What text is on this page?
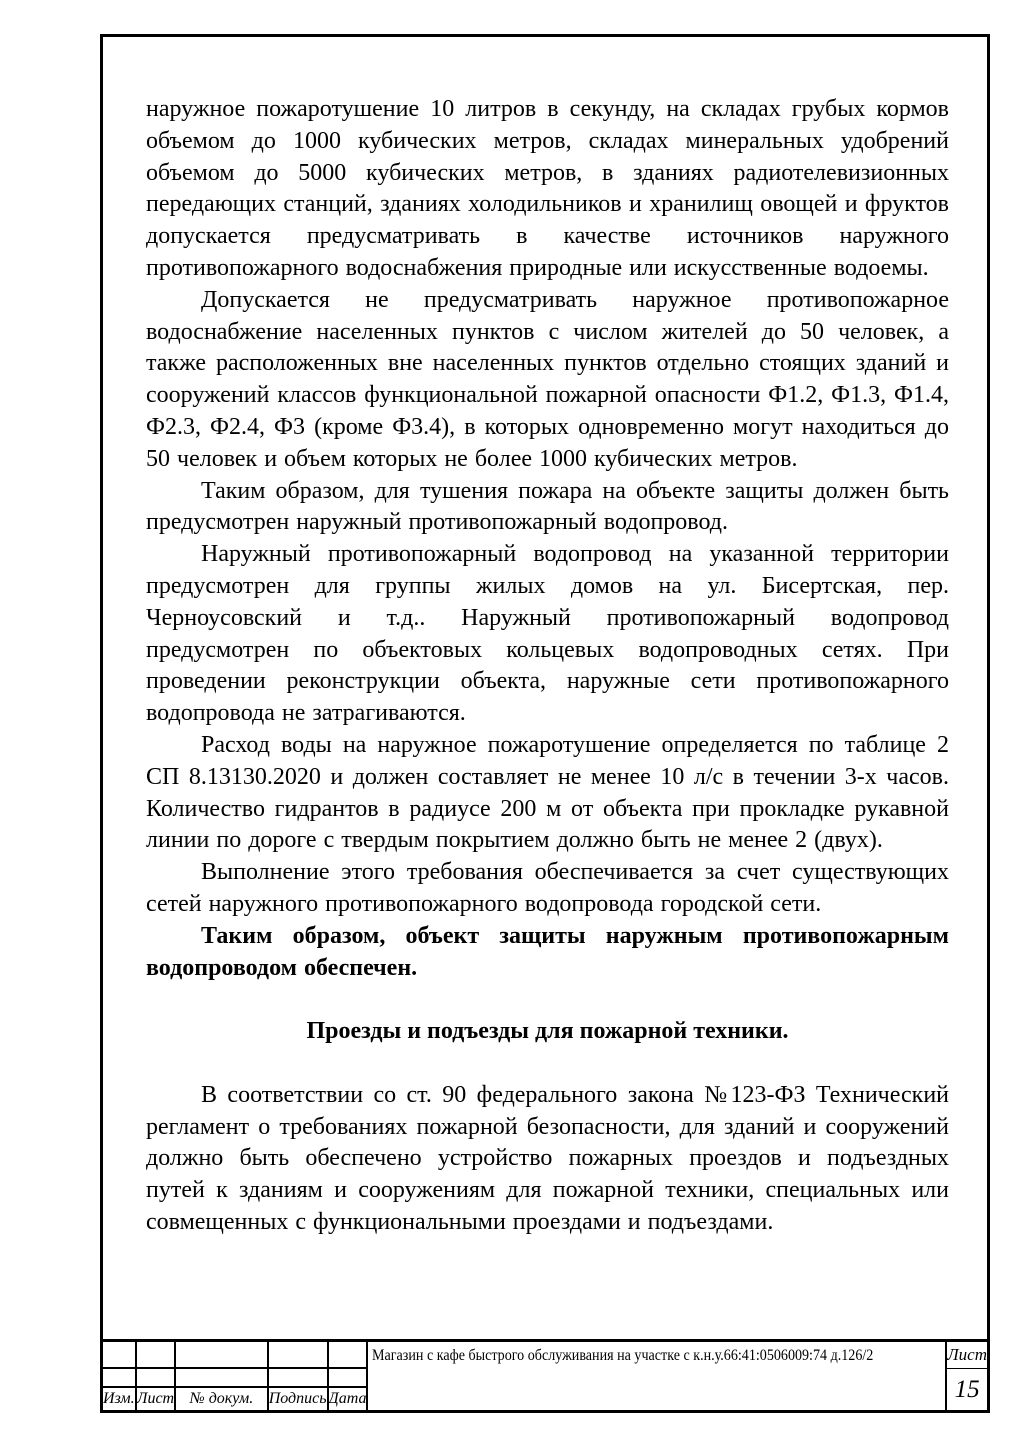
наружное пожаротушение 10 литров в секунду, на складах грубых кормов объемом до 1000 кубических метров, складах минеральных удобрений объемом до 5000 кубических метров, в зданиях радиотелевизионных передающих станций, зданиях холодильников и хранилищ овощей и фруктов допускается предусматривать в качестве источников наружного противопожарного водоснабжения природные или искусственные водоемы.

Допускается не предусматривать наружное противопожарное водоснабжение населенных пунктов с числом жителей до 50 человек, а также расположенных вне населенных пунктов отдельно стоящих зданий и сооружений классов функциональной пожарной опасности Ф1.2, Ф1.3, Ф1.4, Ф2.3, Ф2.4, Ф3 (кроме Ф3.4), в которых одновременно могут находиться до 50 человек и объем которых не более 1000 кубических метров.

Таким образом, для тушения пожара на объекте защиты должен быть предусмотрен наружный противопожарный водопровод.

Наружный противопожарный водопровод на указанной территории предусмотрен для группы жилых домов на ул. Бисертская, пер. Черноусовский и т.д.. Наружный противопожарный водопровод предусмотрен по объектовых кольцевых водопроводных сетях. При проведении реконструкции объекта, наружные сети противопожарного водопровода не затрагиваются.

Расход воды на наружное пожаротушение определяется по таблице 2 СП 8.13130.2020 и должен составляет не менее 10 л/с в течении 3-х часов. Количество гидрантов в радиусе 200 м от объекта при прокладке рукавной линии по дороге с твердым покрытием должно быть не менее 2 (двух).

Выполнение этого требования обеспечивается за счет существующих сетей наружного противопожарного водопровода городской сети.

Таким образом, объект защиты наружным противопожарным водопроводом обеспечен.

Проезды и подъезды для пожарной техники.

В соответствии со ст. 90 федерального закона №123-ФЗ Технический регламент о требованиях пожарной безопасности, для зданий и сооружений должно быть обеспечено устройство пожарных проездов и подъездных путей к зданиям и сооружениям для пожарной техники, специальных или совмещенных с функциональными проездами и подъездами.

Изм. Лист № докум. Подпись Дата
Магазин с кафе быстрого обслуживания на участке с к.н.у.66:41:0506009:74 д.126/2	Лист
15
